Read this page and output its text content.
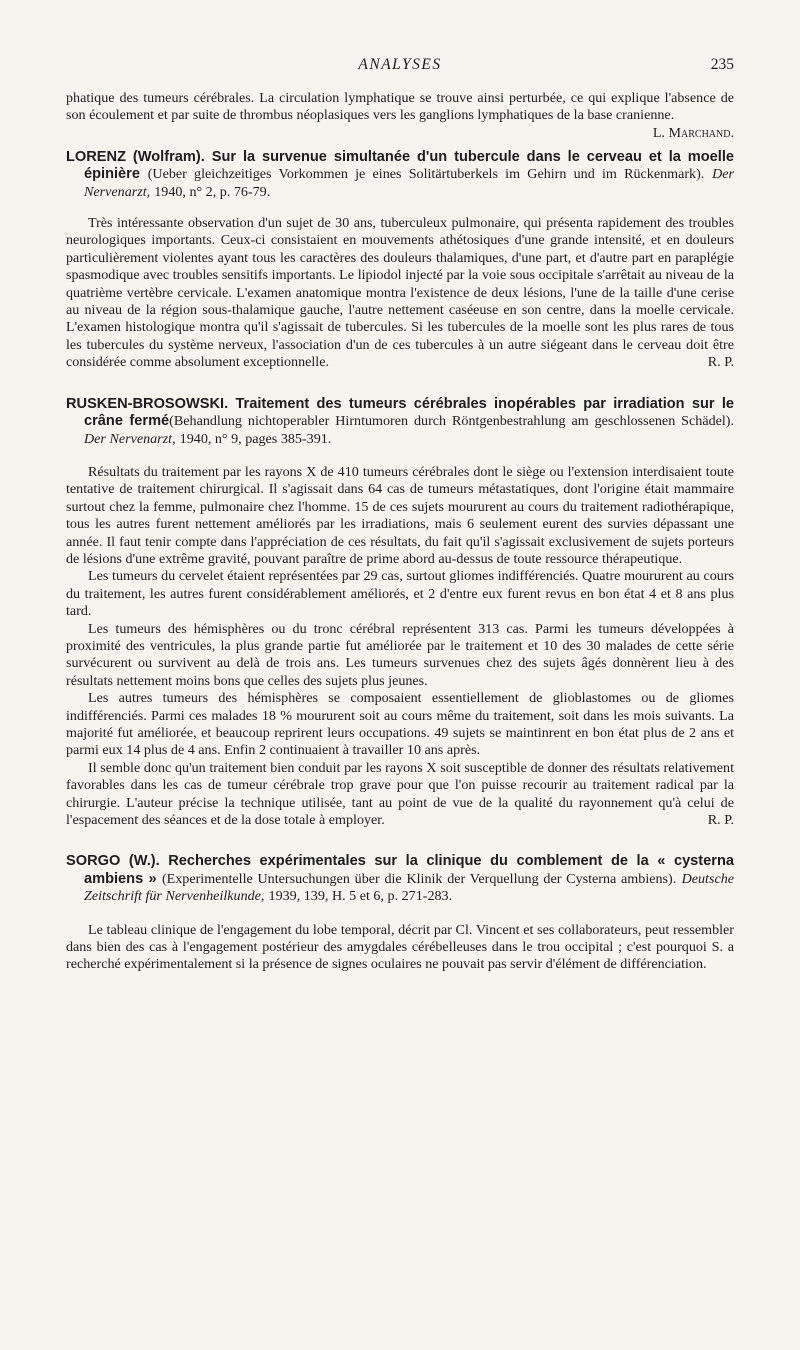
ANALYSES	235

phatique des tumeurs cérébrales. La circulation lymphatique se trouve ainsi perturbée, ce qui explique l'absence de son écoulement et par suite de thrombus néoplasiques vers les ganglions lymphatiques de la base cranienne.
L. Marchand.

LORENZ (Wolfram). Sur la survenue simultanée d'un tubercule dans le cerveau et la moelle épinière (Ueber gleichzeitiges Vorkommen je eines Solitärtuberkels im Gehirn und im Rückenmark). Der Nervenarzt, 1940, n° 2, p. 76-79.

Très intéressante observation d'un sujet de 30 ans, tuberculeux pulmonaire, qui présenta rapidement des troubles neurologiques importants. Ceux-ci consistaient en mouvements athétosiques d'une grande intensité, et en douleurs particulièrement violentes ayant tous les caractères des douleurs thalamiques, d'une part, et d'autre part en paraplégie spasmodique avec troubles sensitifs importants. Le lipiodol injecté par la voie sous occipitale s'arrêtait au niveau de la quatrième vertèbre cervicale. L'examen anatomique montra l'existence de deux lésions, l'une de la taille d'une cerise au niveau de la région sous-thalamique gauche, l'autre nettement caséeuse en son centre, dans la moelle cervicale. L'examen histologique montra qu'il s'agissait de tubercules. Si les tubercules de la moelle sont les plus rares de tous les tubercules du système nerveux, l'association d'un de ces tubercules à un autre siégeant dans le cerveau doit être considérée comme absolument exceptionnelle.	R. P.

RUSKEN-BROSOWSKI. Traitement des tumeurs cérébrales inopérables par irradiation sur le crâne fermé(Behandlung nichtoperabler Hirntumoren durch Röntgenbestrahlung am geschlossenen Schädel). Der Nervenarzt, 1940, n° 9, pages 385-391.

Résultats du traitement par les rayons X de 410 tumeurs cérébrales dont le siège ou l'extension interdisaient toute tentative de traitement chirurgical. Il s'agissait dans 64 cas de tumeurs métastatiques, dont l'origine était mammaire surtout chez la femme, pulmonaire chez l'homme. 15 de ces sujets moururent au cours du traitement radiothérapique, tous les autres furent nettement améliorés par les irradiations, mais 6 seulement eurent des survies dépassant une année. Il faut tenir compte dans l'appréciation de ces résultats, du fait qu'il s'agissait exclusivement de sujets porteurs de lésions d'une extrême gravité, pouvant paraître de prime abord au-dessus de toute ressource thérapeutique.

Les tumeurs du cervelet étaient représentées par 29 cas, surtout gliomes indifférenciés. Quatre moururent au cours du traitement, les autres furent considérablement améliorés, et 2 d'entre eux furent revus en bon état 4 et 8 ans plus tard.

Les tumeurs des hémisphères ou du tronc cérébral représentent 313 cas. Parmi les tumeurs développées à proximité des ventricules, la plus grande partie fut améliorée par le traitement et 10 des 30 malades de cette série survécurent ou survivent au delà de trois ans. Les tumeurs survenues chez des sujets âgés donnèrent lieu à des résultats nettement moins bons que celles des sujets plus jeunes.

Les autres tumeurs des hémisphères se composaient essentiellement de glioblastomes ou de gliomes indifférenciés. Parmi ces malades 18 % moururent soit au cours même du traitement, soit dans les mois suivants. La majorité fut améliorée, et beaucoup reprirent leurs occupations. 49 sujets se maintinrent en bon état plus de 2 ans et parmi eux 14 plus de 4 ans. Enfin 2 continuaient à travailler 10 ans après.

Il semble donc qu'un traitement bien conduit par les rayons X soit susceptible de donner des résultats relativement favorables dans les cas de tumeur cérébrale trop grave pour que l'on puisse recourir au traitement radical par la chirurgie. L'auteur précise la technique utilisée, tant au point de vue de la qualité du rayonnement qu'à celui de l'espacement des séances et de la dose totale à employer.	R. P.

SORGO (W.). Recherches expérimentales sur la clinique du comblement de la « cysterna ambiens » (Experimentelle Untersuchungen über die Klinik der Verquellung der Cysterna ambiens). Deutsche Zeitschrift für Nervenheilkunde, 1939, 139, H. 5 et 6, p. 271-283.

Le tableau clinique de l'engagement du lobe temporal, décrit par Cl. Vincent et ses collaborateurs, peut ressembler dans bien des cas à l'engagement postérieur des amygdales cérébelleuses dans le trou occipital ; c'est pourquoi S. a recherché expérimentalement si la présence de signes oculaires ne pouvait pas servir d'élément de différenciation.
